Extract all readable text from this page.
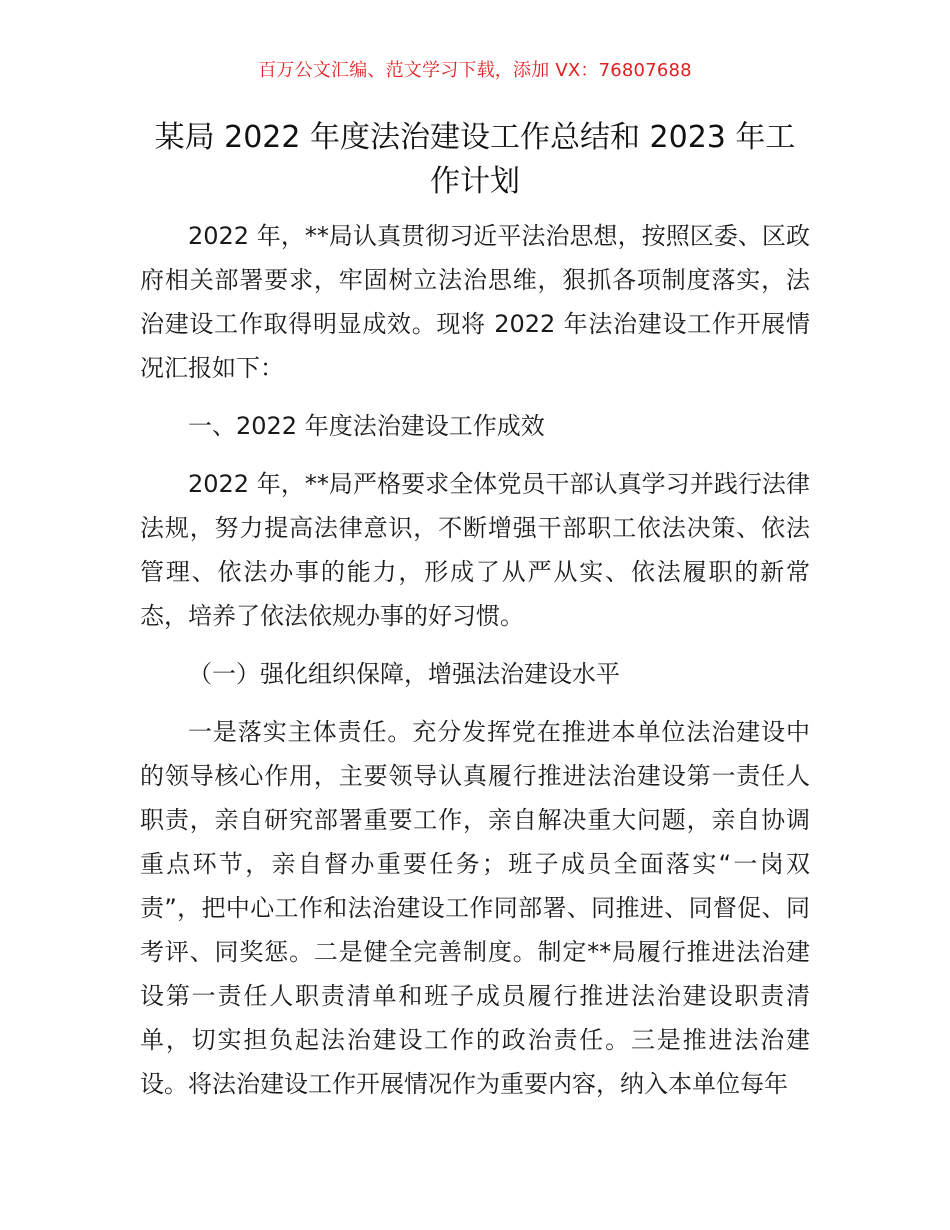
百万公文汇编、范文学习下载，添加 VX：76807688
某局 2022 年度法治建设工作总结和 2023 年工作计划

2022 年，**局认真贯彻习近平法治思想，按照区委、区政府相关部署要求，牢固树立法治思维，狠抓各项制度落实，法治建设工作取得明显成效。现将 2022 年法治建设工作开展情况汇报如下：

一、2022 年度法治建设工作成效

2022 年，**局严格要求全体党员干部认真学习并践行法律法规，努力提高法律意识，不断增强干部职工依法决策、依法管理、依法办事的能力，形成了从严从实、依法履职的新常态，培养了依法依规办事的好习惯。

（一）强化组织保障，增强法治建设水平

一是落实主体责任。充分发挥党在推进本单位法治建设中的领导核心作用，主要领导认真履行推进法治建设第一责任人职责，亲自研究部署重要工作，亲自解决重大问题，亲自协调重点环节，亲自督办重要任务；班子成员全面落实“一岗双责”，把中心工作和法治建设工作同部署、同推进、同督促、同考评、同奖惩。二是健全完善制度。制定**局履行推进法治建设第一责任人职责清单和班子成员履行推进法治建设职责清单，切实担负起法治建设工作的政治责任。三是推进法治建设。将法治建设工作开展情况作为重要内容，纳入本单位每年
